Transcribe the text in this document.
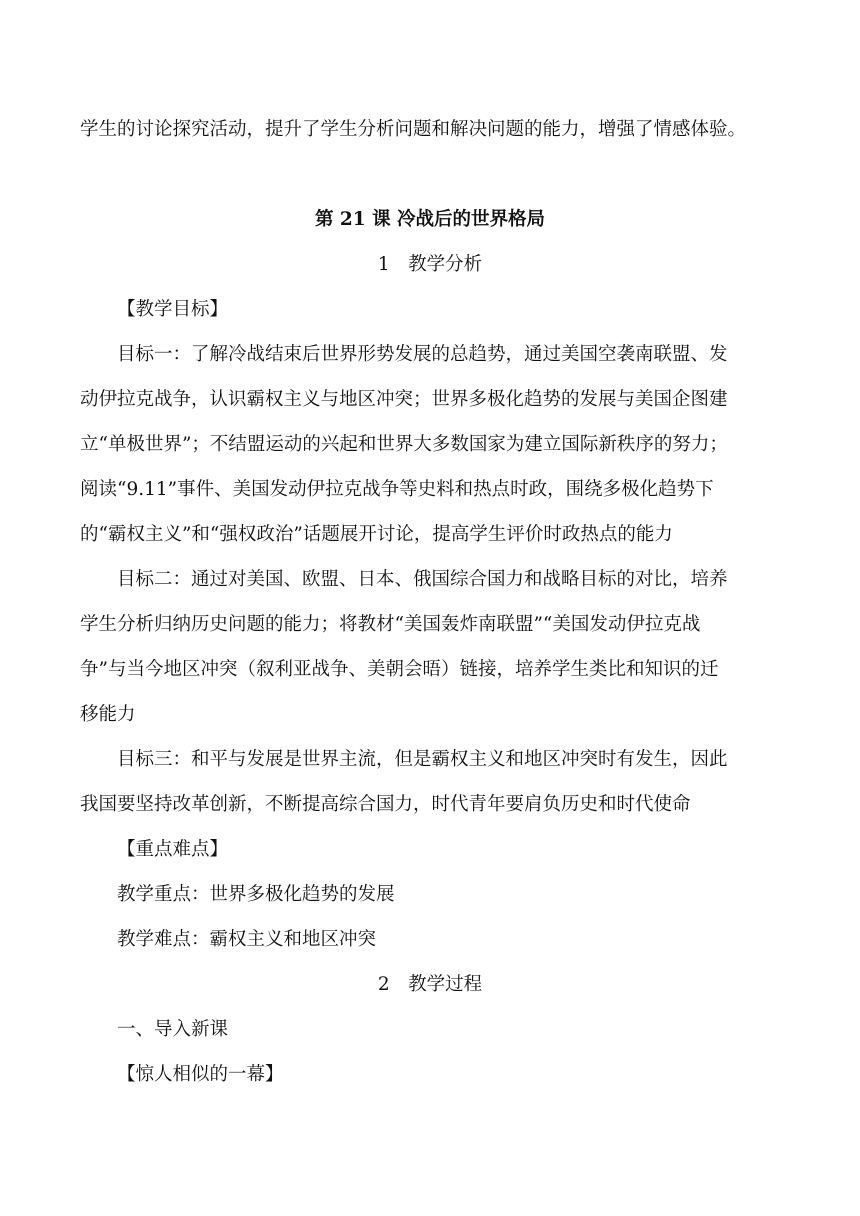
学生的讨论探究活动，提升了学生分析问题和解决问题的能力，增强了情感体验。
第 21 课 冷战后的世界格局
1　教学分析
【教学目标】
目标一：了解冷战结束后世界形势发展的总趋势，通过美国空袭南联盟、发
动伊拉克战争，认识霸权主义与地区冲突；世界多极化趋势的发展与美国企图建
立“单极世界”；不结盟运动的兴起和世界大多数国家为建立国际新秩序的努力；
阅读“9.11”事件、美国发动伊拉克战争等史料和热点时政，围绕多极化趋势下
的“霸权主义”和“强权政治”话题展开讨论，提高学生评价时政热点的能力
目标二：通过对美国、欧盟、日本、俄国综合国力和战略目标的对比，培养
学生分析归纳历史问题的能力；将教材“美国轰炸南联盟”“美国发动伊拉克战
争”与当今地区冲突（叙利亚战争、美朝会晤）链接，培养学生类比和知识的迁
移能力
目标三：和平与发展是世界主流，但是霸权主义和地区冲突时有发生，因此
我国要坚持改革创新，不断提高综合国力，时代青年要肩负历史和时代使命
【重点难点】
教学重点：世界多极化趋势的发展
教学难点：霸权主义和地区冲突
2　教学过程
一、导入新课
【惊人相似的一幕】
